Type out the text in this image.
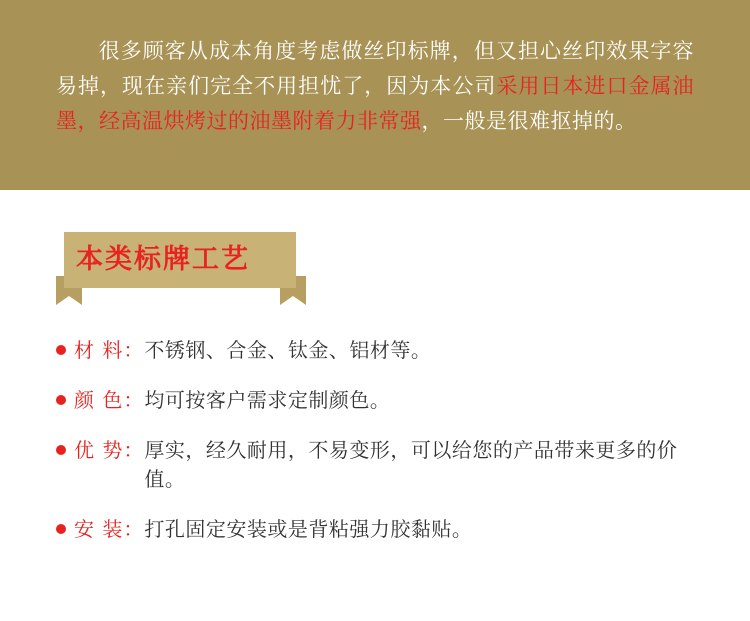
很多顾客从成本角度考虑做丝印标牌，但又担心丝印效果字容易掉，现在亲们完全不用担忧了，因为本公司采用日本进口金属油墨，经高温烘烤过的油墨附着力非常强，一般是很难抠掉的。

本类标牌工艺
材 料： 不锈钢、合金、钛金、铝材等。
颜 色： 均可按客户需求定制颜色。
优 势： 厚实，经久耐用，不易变形，可以给您的产品带来更多的价值。
安 装： 打孔固定安装或是背粘强力胶黏贴。
